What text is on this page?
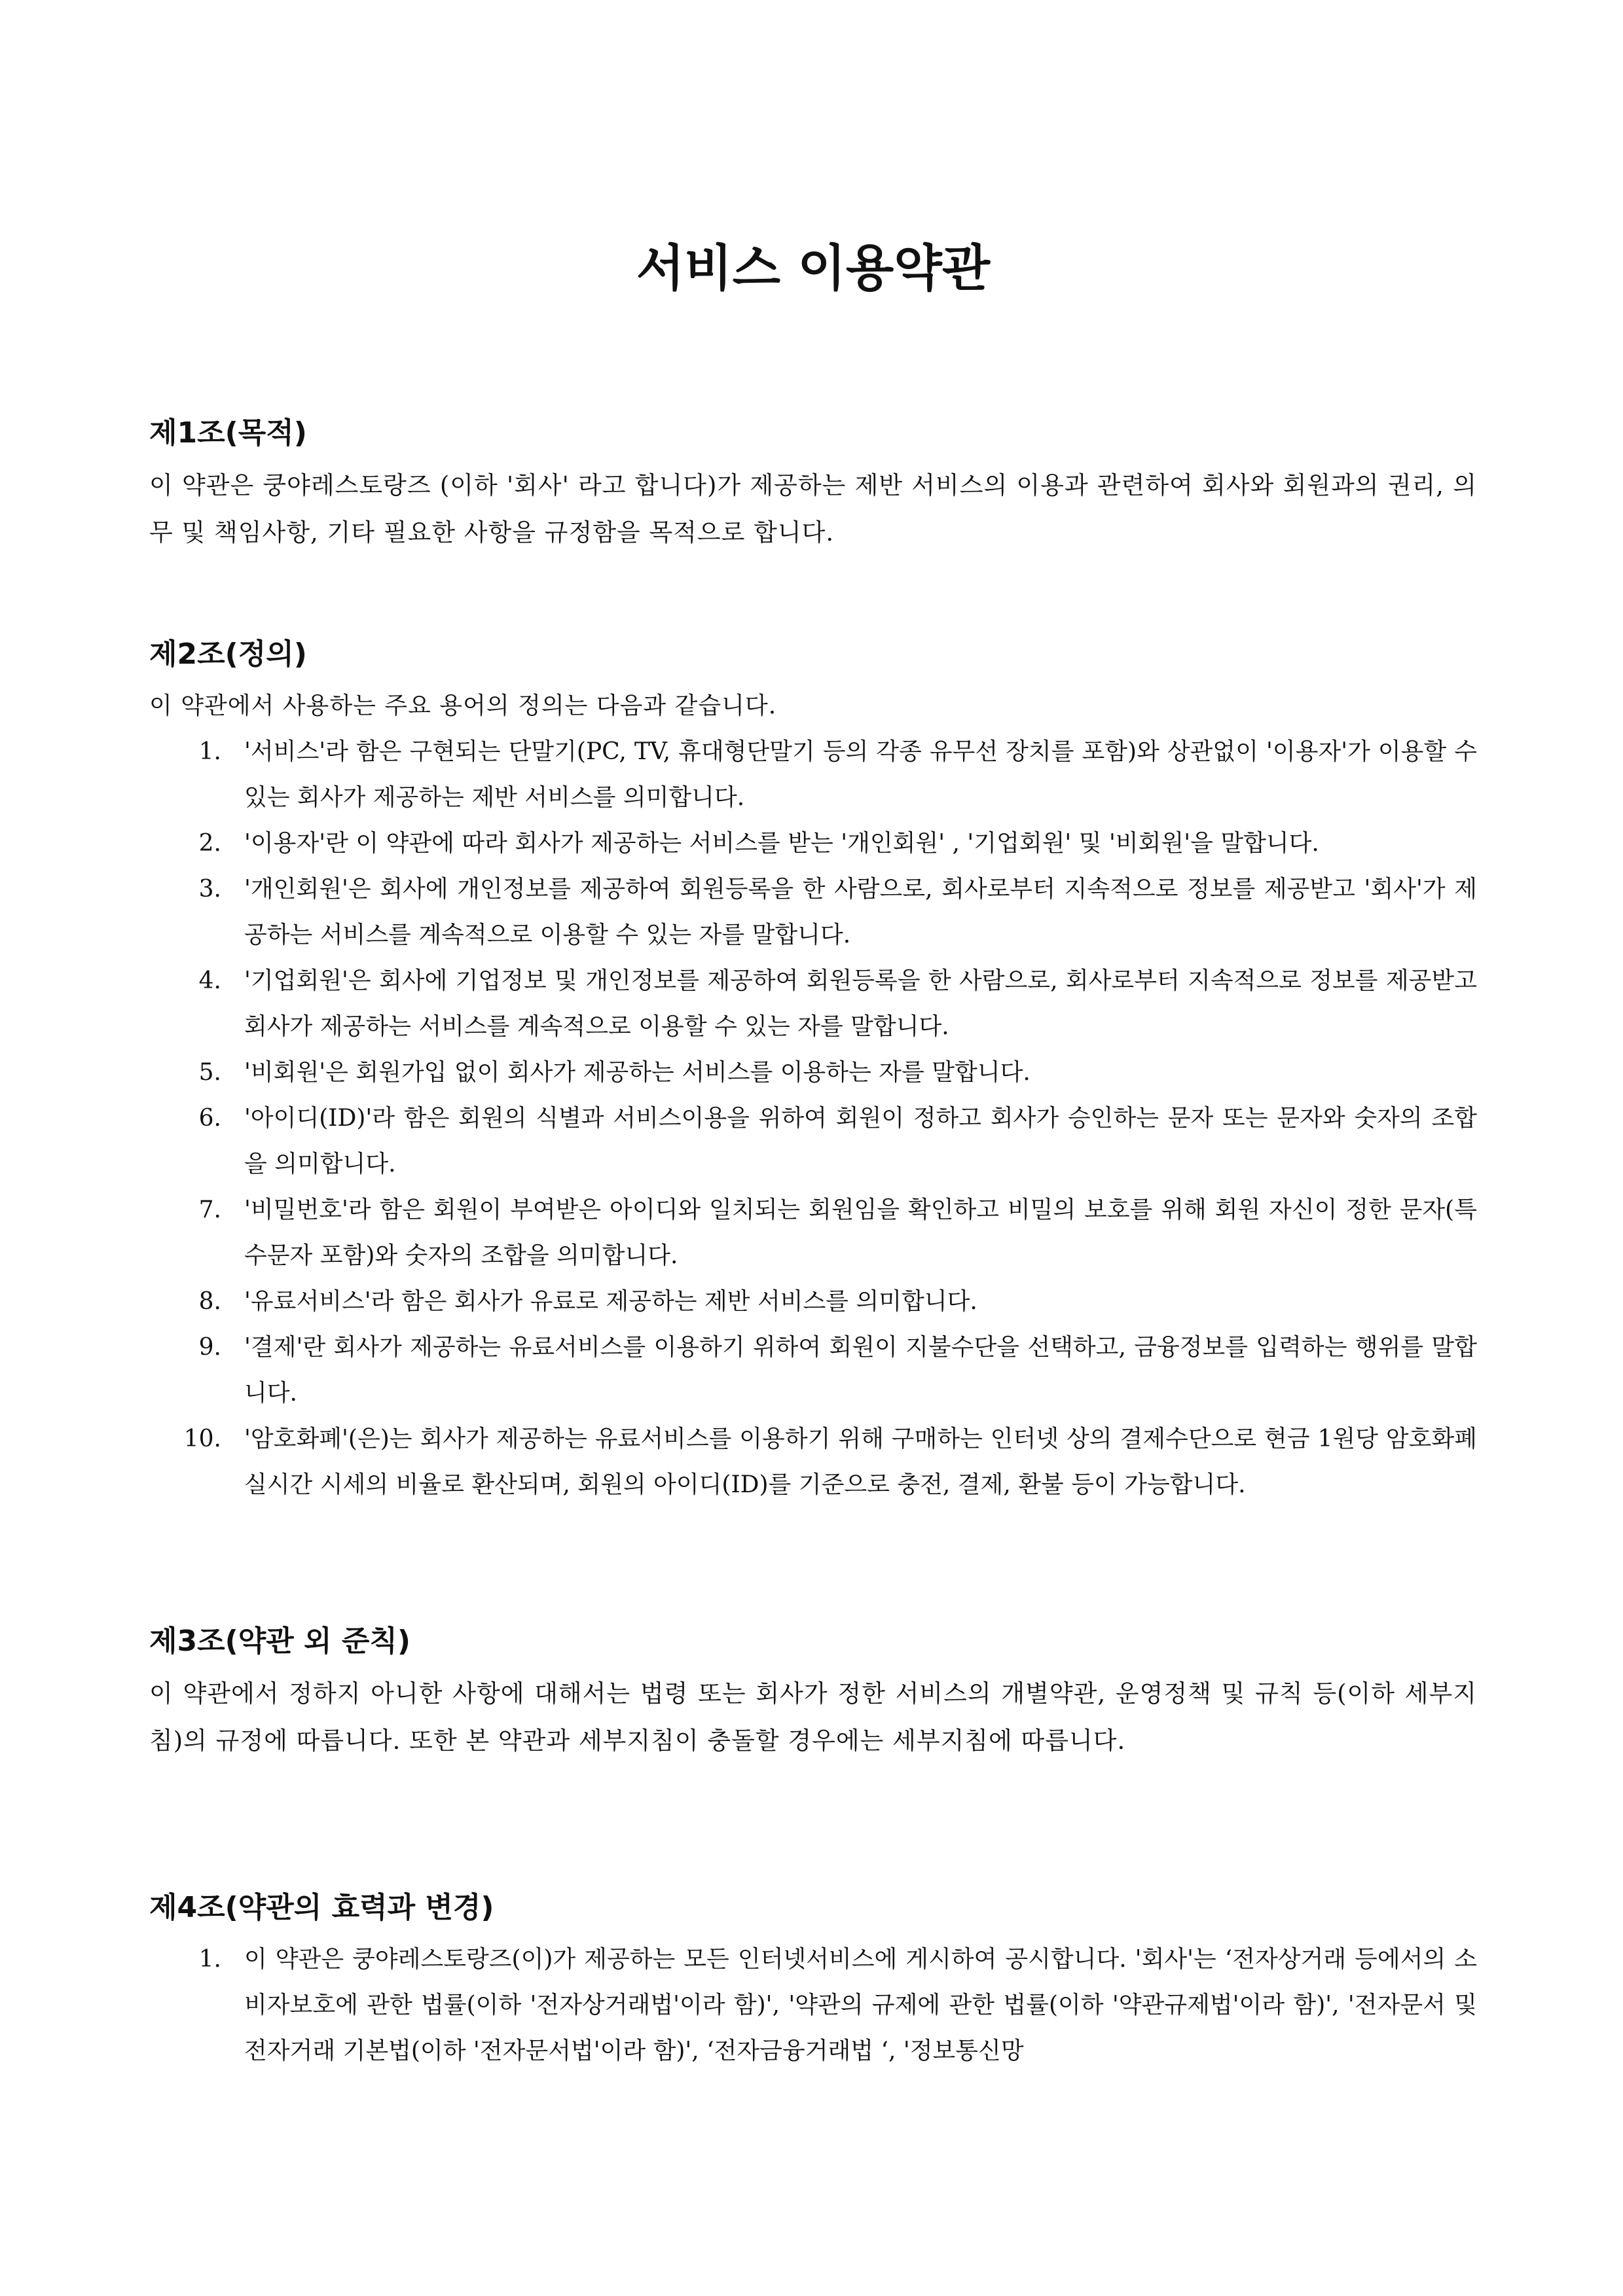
서비스 이용약관
제1조(목적)

이 약관은 쿵야레스토랑즈 (이하 '회사' 라고 합니다)가 제공하는 제반 서비스의 이용과 관련하여 회사와 회원과의 권리, 의무 및 책임사항, 기타 필요한 사항을 규정함을 목적으로 합니다.

제2조(정의)

이 약관에서 사용하는 주요 용어의 정의는 다음과 같습니다.

1. '서비스'라 함은 구현되는 단말기(PC, TV, 휴대형단말기 등의 각종 유무선 장치를 포함)와 상관없이 '이용자'가 이용할 수 있는 회사가 제공하는 제반 서비스를 의미합니다.
2. '이용자'란 이 약관에 따라 회사가 제공하는 서비스를 받는 '개인회원' , '기업회원' 및 '비회원'을 말합니다.
3. '개인회원'은 회사에 개인정보를 제공하여 회원등록을 한 사람으로, 회사로부터 지속적으로 정보를 제공받고 '회사'가 제공하는 서비스를 계속적으로 이용할 수 있는 자를 말합니다.
4. '기업회원'은 회사에 기업정보 및 개인정보를 제공하여 회원등록을 한 사람으로, 회사로부터 지속적으로 정보를 제공받고 회사가 제공하는 서비스를 계속적으로 이용할 수 있는 자를 말합니다.
5. '비회원'은 회원가입 없이 회사가 제공하는 서비스를 이용하는 자를 말합니다.
6. '아이디(ID)'라 함은 회원의 식별과 서비스이용을 위하여 회원이 정하고 회사가 승인하는 문자 또는 문자와 숫자의 조합을 의미합니다.
7. '비밀번호'라 함은 회원이 부여받은 아이디와 일치되는 회원임을 확인하고 비밀의 보호를 위해 회원 자신이 정한 문자(특수문자 포함)와 숫자의 조합을 의미합니다.
8. '유료서비스'라 함은 회사가 유료로 제공하는 제반 서비스를 의미합니다.
9. '결제'란 회사가 제공하는 유료서비스를 이용하기 위하여 회원이 지불수단을 선택하고, 금융정보를 입력하는 행위를 말합니다.
10. '암호화폐'(은)는 회사가 제공하는 유료서비스를 이용하기 위해 구매하는 인터넷 상의 결제수단으로 현금 1원당 암호화폐 실시간 시세의 비율로 환산되며, 회원의 아이디(ID)를 기준으로 충전, 결제, 환불 등이 가능합니다.
제3조(약관 외 준칙)

이 약관에서 정하지 아니한 사항에 대해서는 법령 또는 회사가 정한 서비스의 개별약관, 운영정책 및 규칙 등(이하 세부지침)의 규정에 따릅니다. 또한 본 약관과 세부지침이 충돌할 경우에는 세부지침에 따릅니다.

제4조(약관의 효력과 변경)
1. 이 약관은 쿵야레스토랑즈(이)가 제공하는 모든 인터넷서비스에 게시하여 공시합니다. '회사'는 ‘전자상거래 등에서의 소비자보호에 관한 법률(이하 '전자상거래법'이라 함)', '약관의 규제에 관한 법률(이하 '약관규제법'이라 함)', '전자문서 및 전자거래 기본법(이하 '전자문서법'이라 함)', ‘전자금융거래법 ‘, '정보통신망
